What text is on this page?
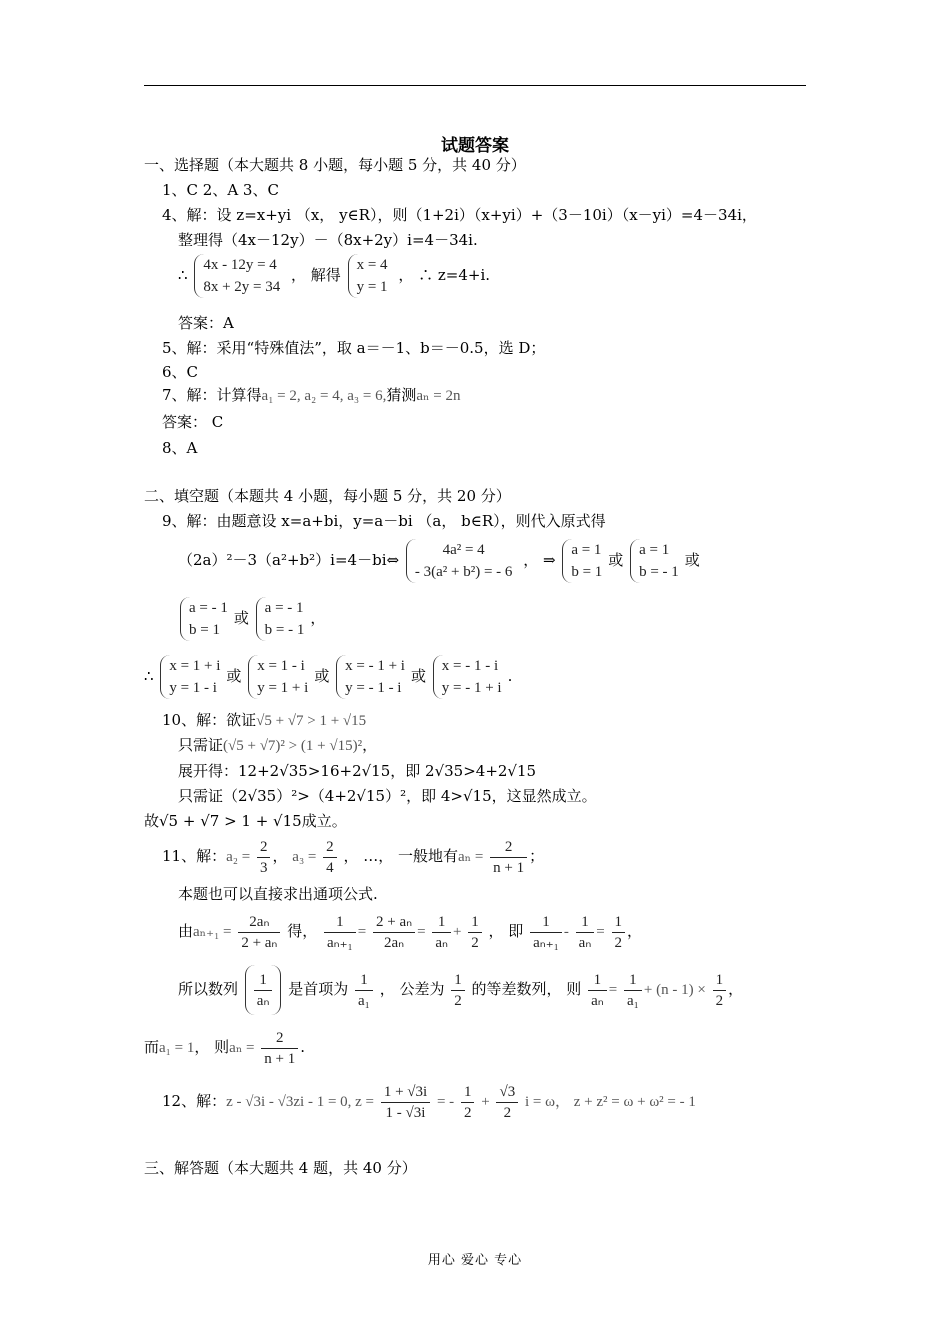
试题答案
一、选择题（本大题共 8 小题，每小题 5 分，共 40 分）
1、C 2、A 3、C
4、解：设 z=x+yi （x， y∈R），则（1+2i）（x+yi）+（3－10i）（x－yi）=4－34i，
整理得（4x－12y）－（8x+2y）i=4－34i.
∴
4x - 12y = 4
8x + 2y = 34
， 解得
x = 4
y = 1
， ∴ z=4+i.
答案：A
5、解：采用“特殊值法”，取 a＝－1、b＝－0.5，选 D；
6、C
7、解：计算得a₁ = 2, a₂ = 4, a₃ = 6,猜测aₙ = 2n
答案： C
8、A
二、填空题（本题共 4 小题，每小题 5 分，共 20 分）
9、解：由题意设 x=a+bi，y=a－bi （a， b∈R），则代入原式得
（2a）²－3（a²+b²）i=4－bi⇔
4a² = 4
- 3(a² + b²) = - 6
， ⇒
a = 1
b = 1
或
a = 1
b = - 1
或
a = - 1
b = 1
或
a = - 1
b = - 1
，
∴
x = 1 + i
y = 1 - i
或
x = 1 - i
y = 1 + i
或
x = - 1 + i
y = - 1 - i
或
x = - 1 - i
y = - 1 + i
.
10、解：欲证√5 + √7 > 1 + √15
只需证(√5 + √7)² > (1 + √15)²，
展开得：12+2√35>16+2√15，即 2√35>4+2√15
只需证（2√35）²>（4+2√15）²，即 4>√15，这显然成立。
故√5 + √7 > 1 + √15成立。
11、解：$a_2 = \frac{2}{3}$ ， $a_3 = \frac{2}{4}$ ， …， 一般地有$a_n = \frac{2}{n + 1}$ ；
本题也可以直接求出通项公式.
由$a_{n+1} = \frac{\text{2aₙ}}{\text{2 + aₙ}}$ 得， $\frac{1}{\text{aₙ₊₁}} = \frac{\text{2 + aₙ}}{\text{2aₙ}} = \frac{1}{\text{aₙ}} + \frac{1}{2}$ ， 即 $\frac{1}{\text{aₙ₊₁}} - \frac{1}{\text{aₙ}} = \frac{1}{2}$ ，
所以数列 $\frac{1}{\text{aₙ}}$ 是首项为 $\frac{1}{\text{a₁}}$ ， 公差为 $\frac{1}{2}$ 的等差数列， 则 $\frac{1}{\text{aₙ}} = \frac{1}{\text{a₁}} + (n - 1) \times \frac{1}{2}$ ，
而a₁ = 1， 则$a_n = \frac{2}{n + 1}$ .
12、解：z - √3i - √3zi - 1 = 0, $z = \frac{1 + √3i}{1 - √3i}$ = - $\frac{1}{2} + \frac{√3}{2}$ i = ω， z + z² = ω + ω² = - 1
三、解答题（本大题共 4 题，共 40 分）
用心 爱心 专心
